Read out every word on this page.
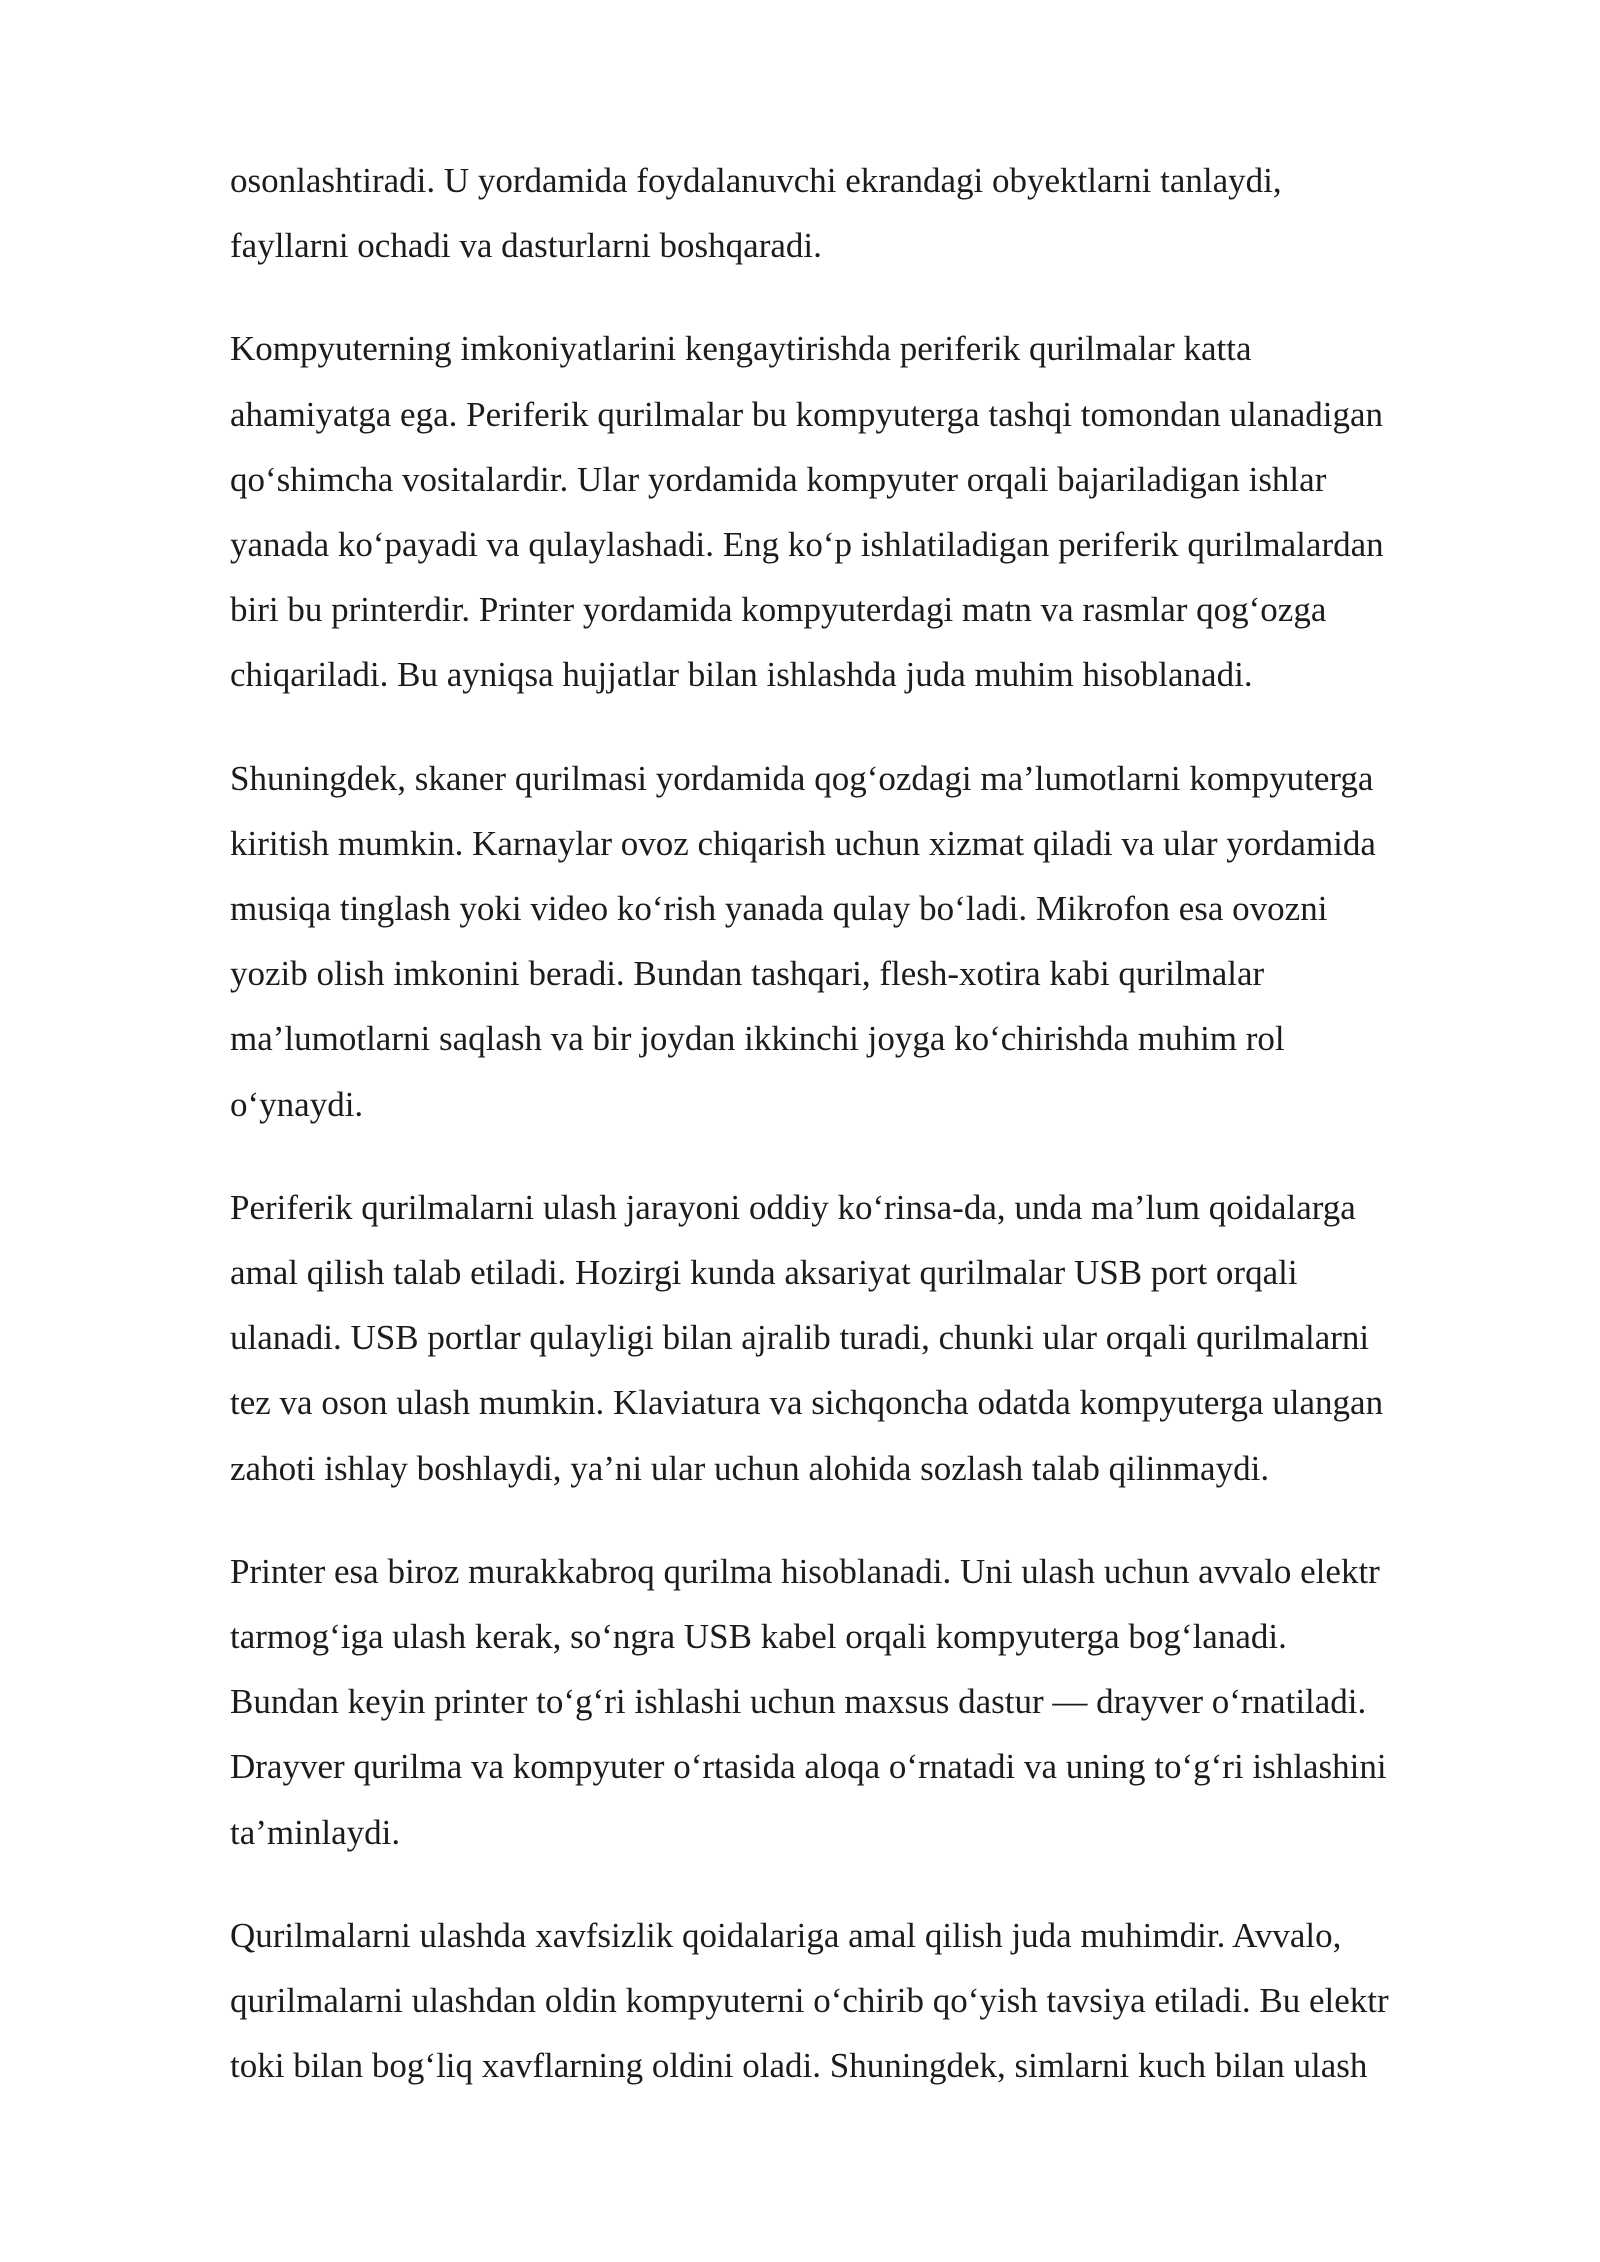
osonlashtiradi. U yordamida foydalanuvchi ekrandagi obyektlarni tanlaydi,
fayllarni ochadi va dasturlarni boshqaradi.

Kompyuterning imkoniyatlarini kengaytirishda periferik qurilmalar katta
ahamiyatga ega. Periferik qurilmalar bu kompyuterga tashqi tomondan ulanadigan
qo‘shimcha vositalardir. Ular yordamida kompyuter orqali bajariladigan ishlar
yanada ko‘payadi va qulaylashadi. Eng ko‘p ishlatiladigan periferik qurilmalardan
biri bu printerdir. Printer yordamida kompyuterdagi matn va rasmlar qog‘ozga
chiqariladi. Bu ayniqsa hujjatlar bilan ishlashda juda muhim hisoblanadi.

Shuningdek, skaner qurilmasi yordamida qog‘ozdagi ma’lumotlarni kompyuterga
kiritish mumkin. Karnaylar ovoz chiqarish uchun xizmat qiladi va ular yordamida
musiqa tinglash yoki video ko‘rish yanada qulay bo‘ladi. Mikrofon esa ovozni
yozib olish imkonini beradi. Bundan tashqari, flesh-xotira kabi qurilmalar
ma’lumotlarni saqlash va bir joydan ikkinchi joyga ko‘chirishda muhim rol
o‘ynaydi.

Periferik qurilmalarni ulash jarayoni oddiy ko‘rinsa-da, unda ma’lum qoidalarga
amal qilish talab etiladi. Hozirgi kunda aksariyat qurilmalar USB port orqali
ulanadi. USB portlar qulayligi bilan ajralib turadi, chunki ular orqali qurilmalarni
tez va oson ulash mumkin. Klaviatura va sichqoncha odatda kompyuterga ulangan
zahoti ishlay boshlaydi, ya’ni ular uchun alohida sozlash talab qilinmaydi.

Printer esa biroz murakkabroq qurilma hisoblanadi. Uni ulash uchun avvalo elektr
tarmog‘iga ulash kerak, so‘ngra USB kabel orqali kompyuterga bog‘lanadi.
Bundan keyin printer to‘g‘ri ishlashi uchun maxsus dastur — drayver o‘rnatiladi.
Drayver qurilma va kompyuter o‘rtasida aloqa o‘rnatadi va uning to‘g‘ri ishlashini
ta’minlaydi.

Qurilmalarni ulashda xavfsizlik qoidalariga amal qilish juda muhimdir. Avvalo,
qurilmalarni ulashdan oldin kompyuterni o‘chirib qo‘yish tavsiya etiladi. Bu elektr
toki bilan bog‘liq xavflarning oldini oladi. Shuningdek, simlarni kuch bilan ulash
